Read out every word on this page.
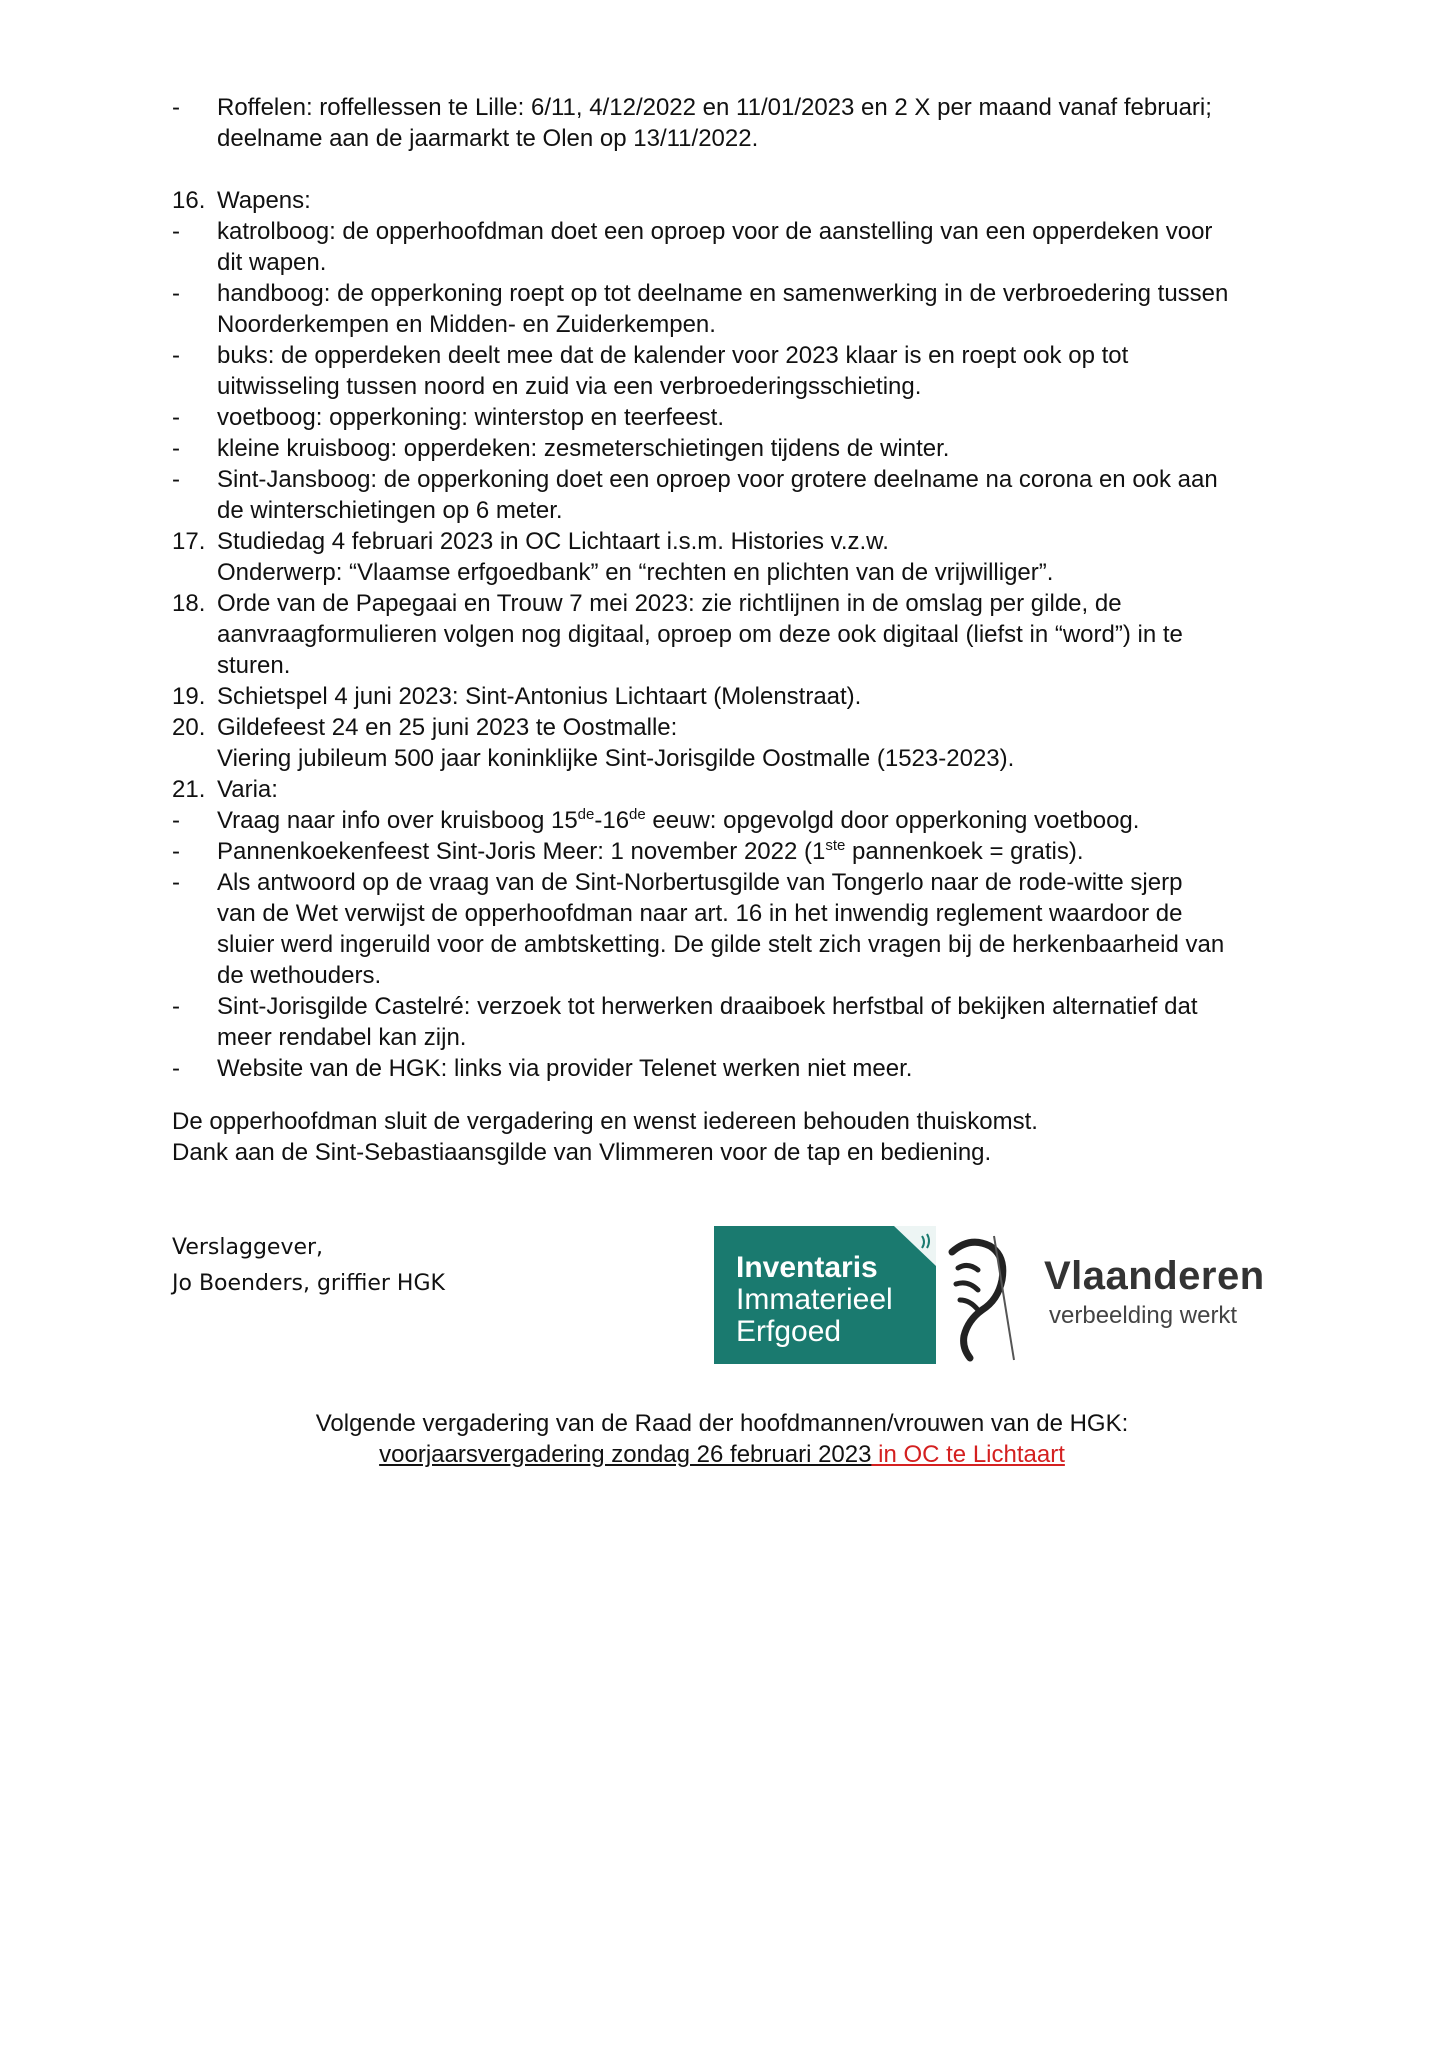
-	Roffelen: roffellessen te Lille: 6/11, 4/12/2022 en 11/01/2023 en 2 X per maand vanaf februari;
deelname aan de jaarmarkt te Olen op 13/11/2022.
16. Wapens:
-	katrolboog: de opperhoofdman doet een oproep voor de aanstelling van een opperdeken voor
dit wapen.
-	handboog: de opperkoning roept op tot deelname en samenwerking in de verbroedering tussen
Noorderkempen en Midden- en Zuiderkempen.
-	buks: de opperdeken deelt mee dat de kalender voor 2023 klaar is en roept ook op tot
uitwisseling tussen noord en zuid via een verbroederingsschieting.
-	voetboog: opperkoning: winterstop en teerfeest.
-	kleine kruisboog: opperdeken: zesmeterschietingen tijdens de winter.
-	Sint-Jansboog: de opperkoning doet een oproep voor grotere deelname na corona en ook aan
de winterschietingen op 6 meter.
17. Studiedag 4 februari 2023 in OC Lichtaart i.s.m. Histories v.z.w.
Onderwerp: “Vlaamse erfgoedbank” en “rechten en plichten van de vrijwilliger”.
18. Orde van de Papegaai en Trouw 7 mei 2023: zie richtlijnen in de omslag per gilde, de
aanvraagformulieren volgen nog digitaal, oproep om deze ook digitaal (liefst in “word”) in te
sturen.
19. Schietspel 4 juni 2023: Sint-Antonius Lichtaart (Molenstraat).
20. Gildefeest 24 en 25 juni 2023 te Oostmalle:
Viering jubileum 500 jaar koninklijke Sint-Jorisgilde Oostmalle (1523-2023).
21. Varia:
-	Vraag naar info over kruisboog 15de-16de eeuw: opgevolgd door opperkoning voetboog.
-	Pannenkoekenfeest Sint-Joris Meer: 1 november 2022 (1ste pannenkoek = gratis).
-	Als antwoord op de vraag van de Sint-Norbertusgilde van Tongerlo naar de rode-witte sjerp
van de Wet verwijst de opperhoofdman naar art. 16 in het inwendig reglement waardoor de
sluier werd ingeruild voor de ambtsketting. De gilde stelt zich vragen bij de herkenbaarheid van
de wethouders.
-	Sint-Jorisgilde Castelré: verzoek tot herwerken draaiboek herfstbal of bekijken alternatief dat
meer rendabel kan zijn.
-	Website van de HGK: links via provider Telenet werken niet meer.
De opperhoofdman sluit de vergadering en wenst iedereen behouden thuiskomst.
Dank aan de Sint-Sebastiaansgilde van Vlimmeren voor de tap en bediening.
Verslaggever,
Jo Boenders, griffier HGK	Inventaris
Immaterieel
Erfgoed
Vlaanderen
verbeelding werkt
Volgende vergadering van de Raad der hoofdmannen/vrouwen van de HGK:
voorjaarsvergadering zondag 26 februari 2023 in OC te Lichtaart
